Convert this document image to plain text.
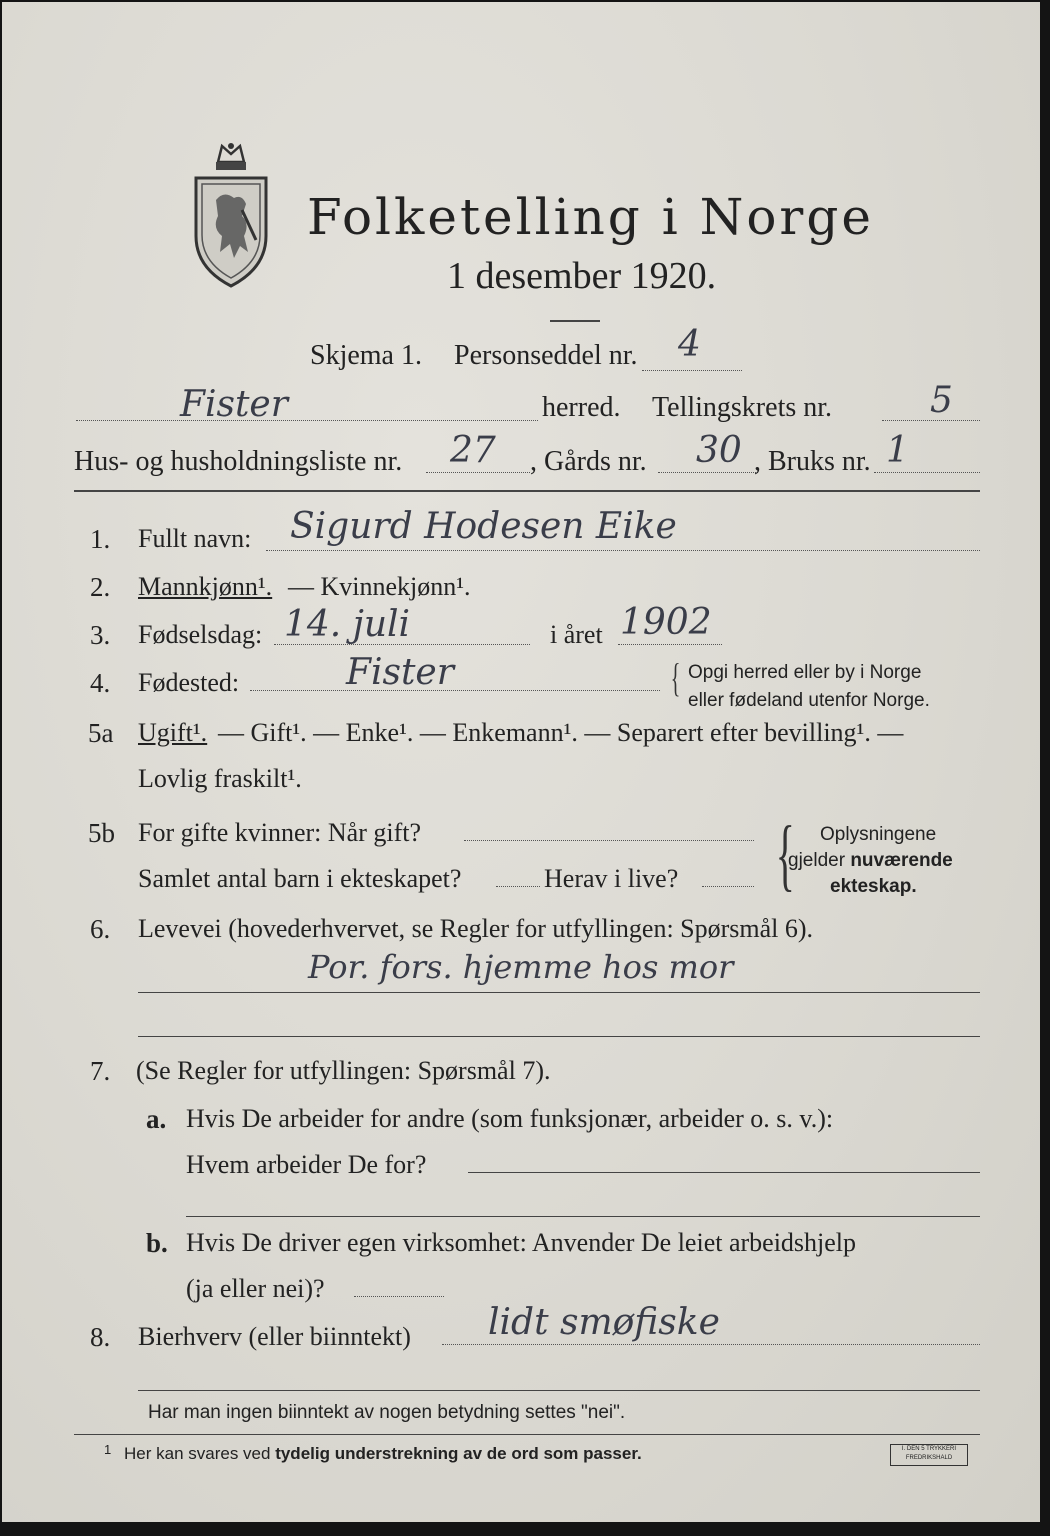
Folketelling i Norge
1 desember 1920.
Skjema 1. Personseddel nr. 4
Fister	herred. Tellingskrets nr.	5
Hus- og husholdningsliste nr. 27 , Gårds nr. 30 , Bruks nr. 1
1. Fullt navn: Sigurd Hodesen Eike
2. Mannkjønn¹. — Kvinnekjønn¹.
3. Fødselsdag: 14. juli	i året 1902
4. Fødested:	Fister	{ Opgi herred eller by i Norge
eller fødeland utenfor Norge.
5a Ugift¹. — Gift¹. — Enke¹. — Enkemann¹. — Separert efter bevilling¹. —
Lovlig fraskilt¹.
5b For gifte kvinner: Når gift?
Samlet antal barn i ekteskapet?	Herav i live? { Oplysningene
gjelder nuværende
ekteskap.
6. Levevei (hovederhvervet, se Regler for utfyllingen: Spørsmål 6).
Por. fors. hjemme hos mor
7. (Se Regler for utfyllingen: Spørsmål 7).
a. Hvis De arbeider for andre (som funksjonær, arbeider o. s. v.):
Hvem arbeider De for?
b. Hvis De driver egen virksomhet: Anvender De leiet arbeidshjelp
(ja eller nei)?
8. Bierhverv (eller biinntekt) lidt smøfiske
Har man ingen biinntekt av nogen betydning settes "nei".
1 Her kan svares ved tydelig understrekning av de ord som passer.	I. DEN 5 TRYKKERI FREDRIKSHALD
